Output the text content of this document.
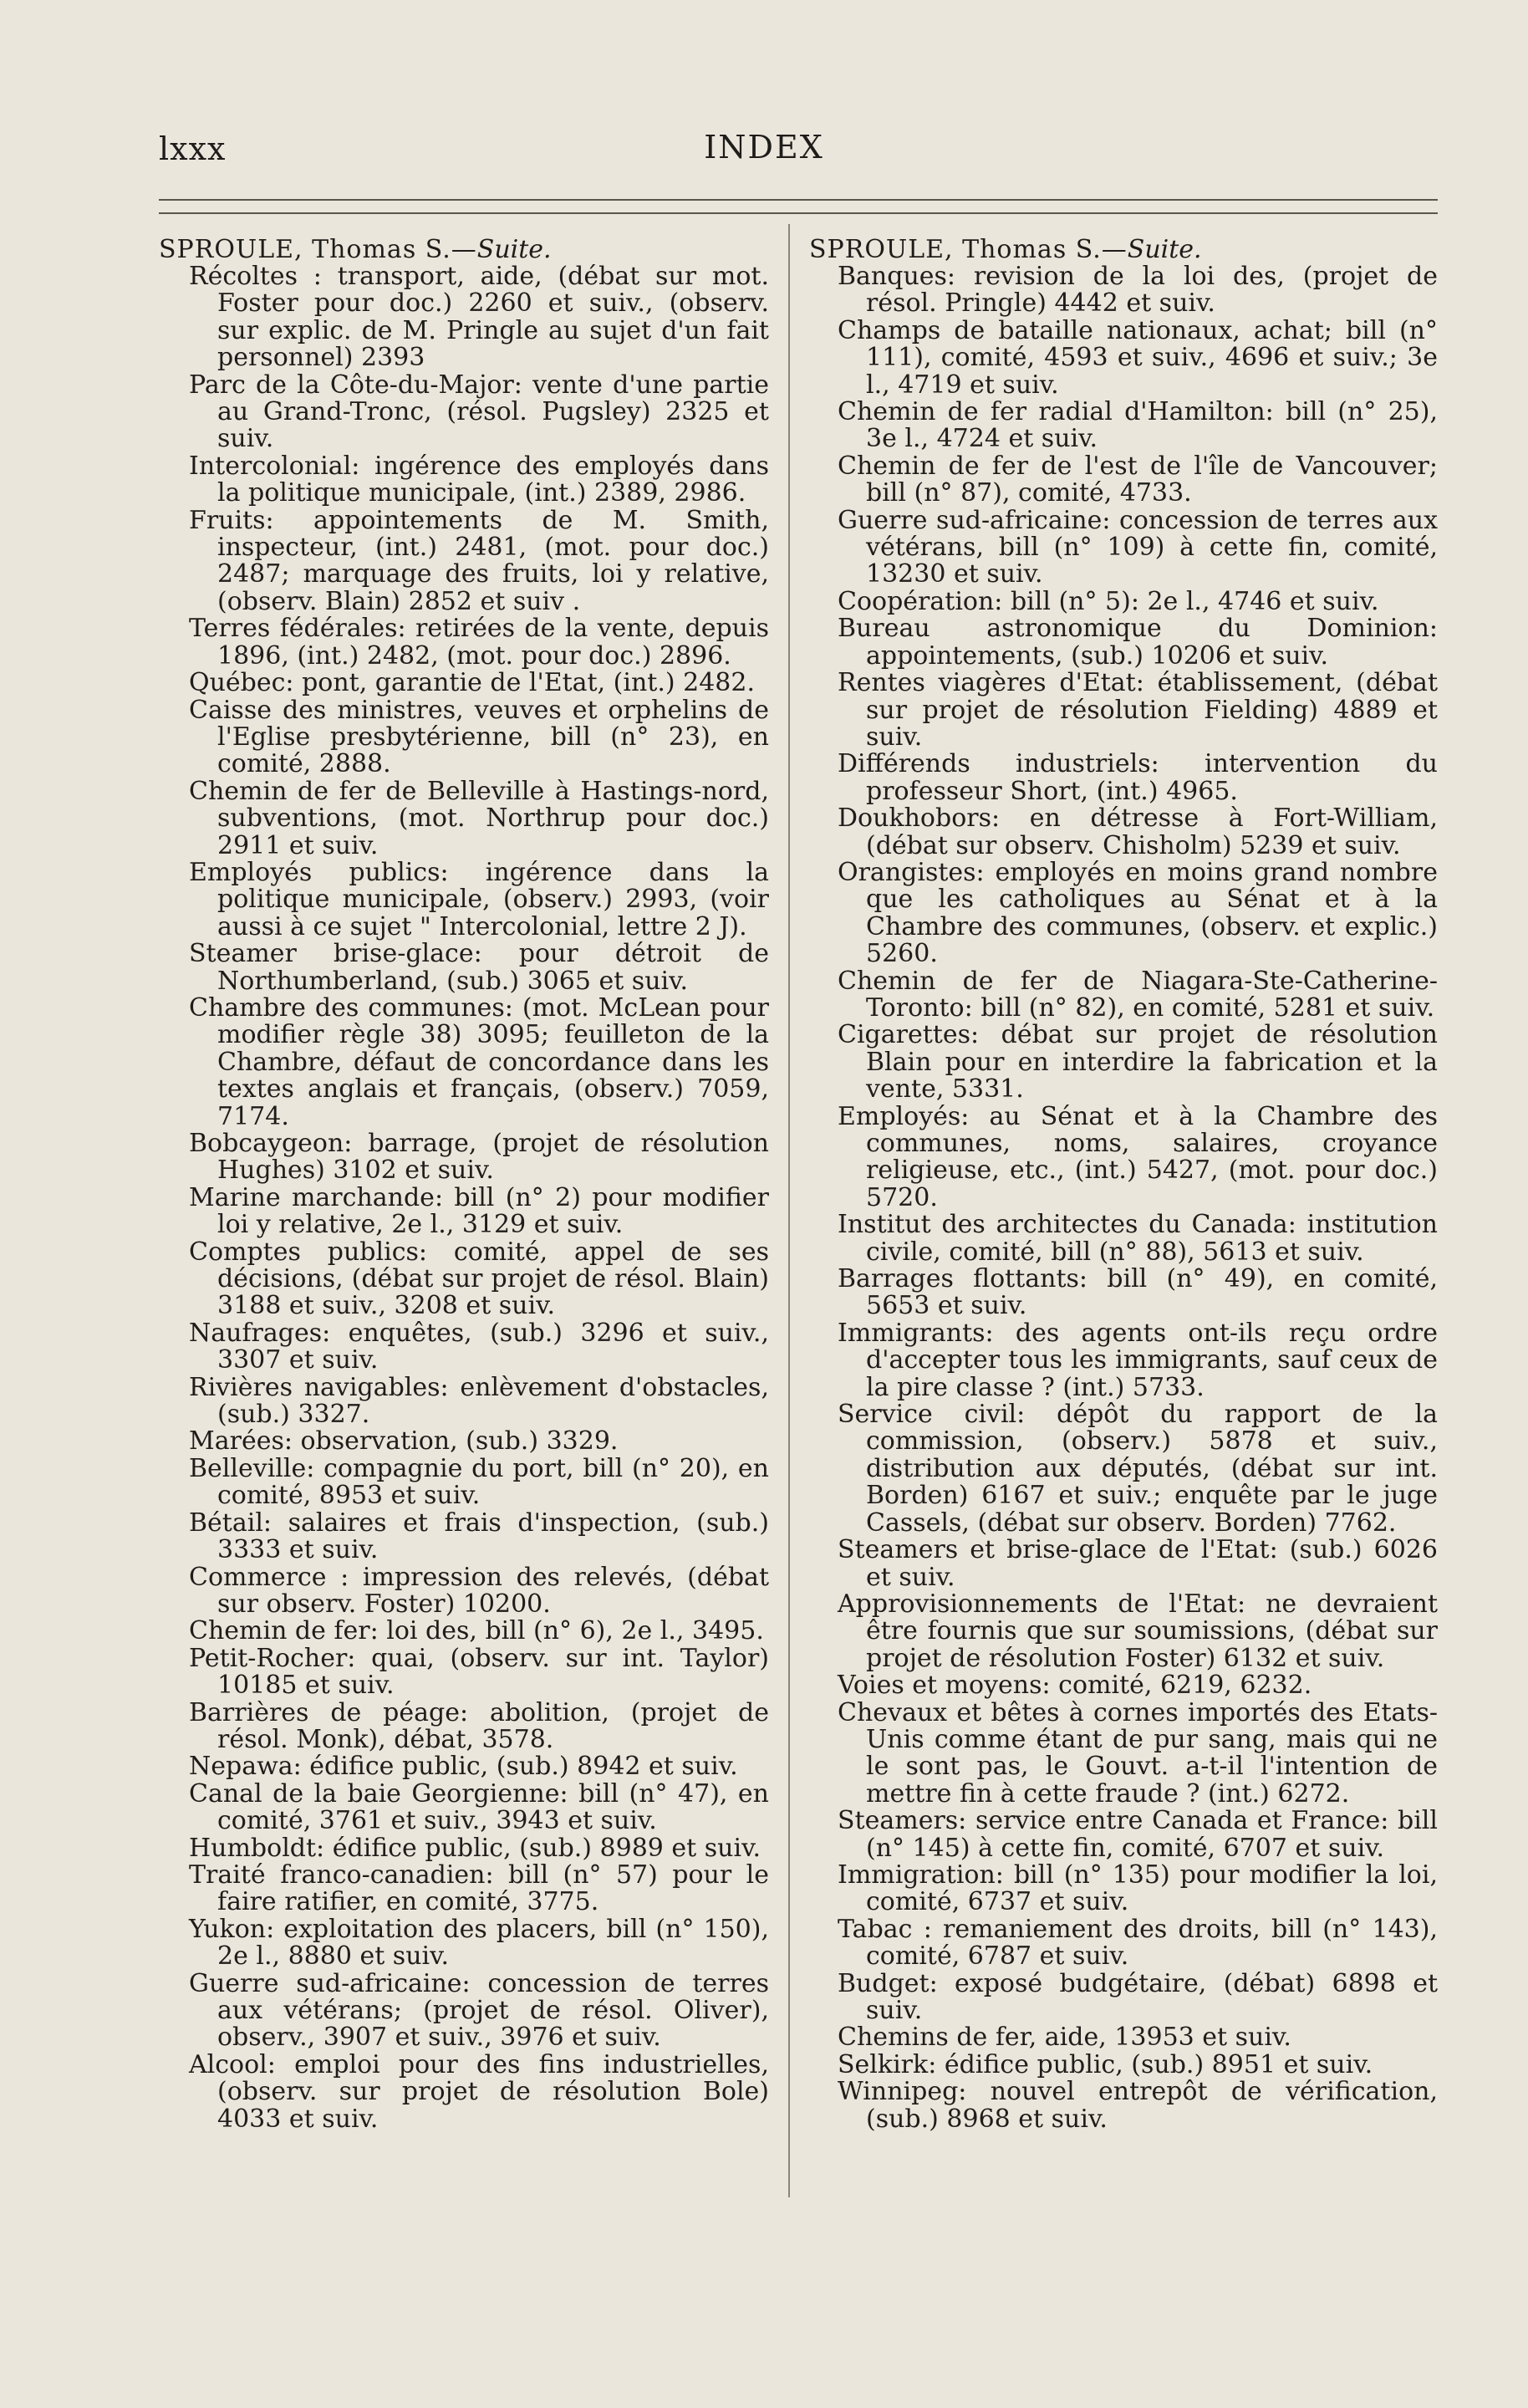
lxxx	INDEX

SPROULE, Thomas S.—Suite.

Récoltes : transport, aide, (débat sur mot. Foster pour doc.) 2260 et suiv., (observ. sur explic. de M. Pringle au sujet d'un fait personnel) 2393

Parc de la Côte-du-Major: vente d'une partie au Grand-Tronc, (résol. Pugsley) 2325 et suiv.

Intercolonial: ingérence des employés dans la politique municipale, (int.) 2389, 2986.

Fruits: appointements de M. Smith, inspecteur, (int.) 2481, (mot. pour doc.) 2487; marquage des fruits, loi y relative, (observ. Blain) 2852 et suiv .

Terres fédérales: retirées de la vente, depuis 1896, (int.) 2482, (mot. pour doc.) 2896.

Québec: pont, garantie de l'Etat, (int.) 2482.

Caisse des ministres, veuves et orphelins de l'Eglise presbytérienne, bill (n° 23), en comité, 2888.

Chemin de fer de Belleville à Hastings-nord, subventions, (mot. Northrup pour doc.) 2911 et suiv.

Employés publics: ingérence dans la politique municipale, (observ.) 2993, (voir aussi à ce sujet " Intercolonial, lettre 2 J).

Steamer brise-glace: pour détroit de Northumberland, (sub.) 3065 et suiv.

Chambre des communes: (mot. McLean pour modifier règle 38) 3095; feuilleton de la Chambre, défaut de concordance dans les textes anglais et français, (observ.) 7059, 7174.

Bobcaygeon: barrage, (projet de résolution Hughes) 3102 et suiv.

Marine marchande: bill (n° 2) pour modifier loi y relative, 2e l., 3129 et suiv.

Comptes publics: comité, appel de ses décisions, (débat sur projet de résol. Blain) 3188 et suiv., 3208 et suiv.

Naufrages: enquêtes, (sub.) 3296 et suiv., 3307 et suiv.

Rivières navigables: enlèvement d'obstacles, (sub.) 3327.

Marées: observation, (sub.) 3329.

Belleville: compagnie du port, bill (n° 20), en comité, 8953 et suiv.

Bétail: salaires et frais d'inspection, (sub.) 3333 et suiv.

Commerce : impression des relevés, (débat sur observ. Foster) 10200.

Chemin de fer: loi des, bill (n° 6), 2e l., 3495.

Petit-Rocher: quai, (observ. sur int. Taylor) 10185 et suiv.

Barrières de péage: abolition, (projet de résol. Monk), débat, 3578.

Nepawa: édifice public, (sub.) 8942 et suiv.

Canal de la baie Georgienne: bill (n° 47), en comité, 3761 et suiv., 3943 et suiv.

Humboldt: édifice public, (sub.) 8989 et suiv.

Traité franco-canadien: bill (n° 57) pour le faire ratifier, en comité, 3775.

Yukon: exploitation des placers, bill (n° 150), 2e l., 8880 et suiv.

Guerre sud-africaine: concession de terres aux vétérans; (projet de résol. Oliver), observ., 3907 et suiv., 3976 et suiv.

Alcool: emploi pour des fins industrielles, (observ. sur projet de résolution Bole) 4033 et suiv.

SPROULE, Thomas S.—Suite.

Banques: revision de la loi des, (projet de résol. Pringle) 4442 et suiv.

Champs de bataille nationaux, achat; bill (n° 111), comité, 4593 et suiv., 4696 et suiv.; 3e l., 4719 et suiv.

Chemin de fer radial d'Hamilton: bill (n° 25), 3e l., 4724 et suiv.

Chemin de fer de l'est de l'île de Vancouver; bill (n° 87), comité, 4733.

Guerre sud-africaine: concession de terres aux vétérans, bill (n° 109) à cette fin, comité, 13230 et suiv.

Coopération: bill (n° 5): 2e l., 4746 et suiv.

Bureau astronomique du Dominion: appointements, (sub.) 10206 et suiv.

Rentes viagères d'Etat: établissement, (débat sur projet de résolution Fielding) 4889 et suiv.

Différends industriels: intervention du professeur Short, (int.) 4965.

Doukhobors: en détresse à Fort-William, (débat sur observ. Chisholm) 5239 et suiv.

Orangistes: employés en moins grand nombre que les catholiques au Sénat et à la Chambre des communes, (observ. et explic.) 5260.

Chemin de fer de Niagara-Ste-Catherine-Toronto: bill (n° 82), en comité, 5281 et suiv.

Cigarettes: débat sur projet de résolution Blain pour en interdire la fabrication et la vente, 5331.

Employés: au Sénat et à la Chambre des communes, noms, salaires, croyance religieuse, etc., (int.) 5427, (mot. pour doc.) 5720.

Institut des architectes du Canada: institution civile, comité, bill (n° 88), 5613 et suiv.

Barrages flottants: bill (n° 49), en comité, 5653 et suiv.

Immigrants: des agents ont-ils reçu ordre d'accepter tous les immigrants, sauf ceux de la pire classe ? (int.) 5733.

Service civil: dépôt du rapport de la commission, (observ.) 5878 et suiv., distribution aux députés, (débat sur int. Borden) 6167 et suiv.; enquête par le juge Cassels, (débat sur observ. Borden) 7762.

Steamers et brise-glace de l'Etat: (sub.) 6026 et suiv.

Approvisionnements de l'Etat: ne devraient être fournis que sur soumissions, (débat sur projet de résolution Foster) 6132 et suiv.

Voies et moyens: comité, 6219, 6232.

Chevaux et bêtes à cornes importés des Etats-Unis comme étant de pur sang, mais qui ne le sont pas, le Gouvt. a-t-il l'intention de mettre fin à cette fraude ? (int.) 6272.

Steamers: service entre Canada et France: bill (n° 145) à cette fin, comité, 6707 et suiv.

Immigration: bill (n° 135) pour modifier la loi, comité, 6737 et suiv.

Tabac : remaniement des droits, bill (n° 143), comité, 6787 et suiv.

Budget: exposé budgétaire, (débat) 6898 et suiv.

Chemins de fer, aide, 13953 et suiv.

Selkirk: édifice public, (sub.) 8951 et suiv.

Winnipeg: nouvel entrepôt de vérification, (sub.) 8968 et suiv.
